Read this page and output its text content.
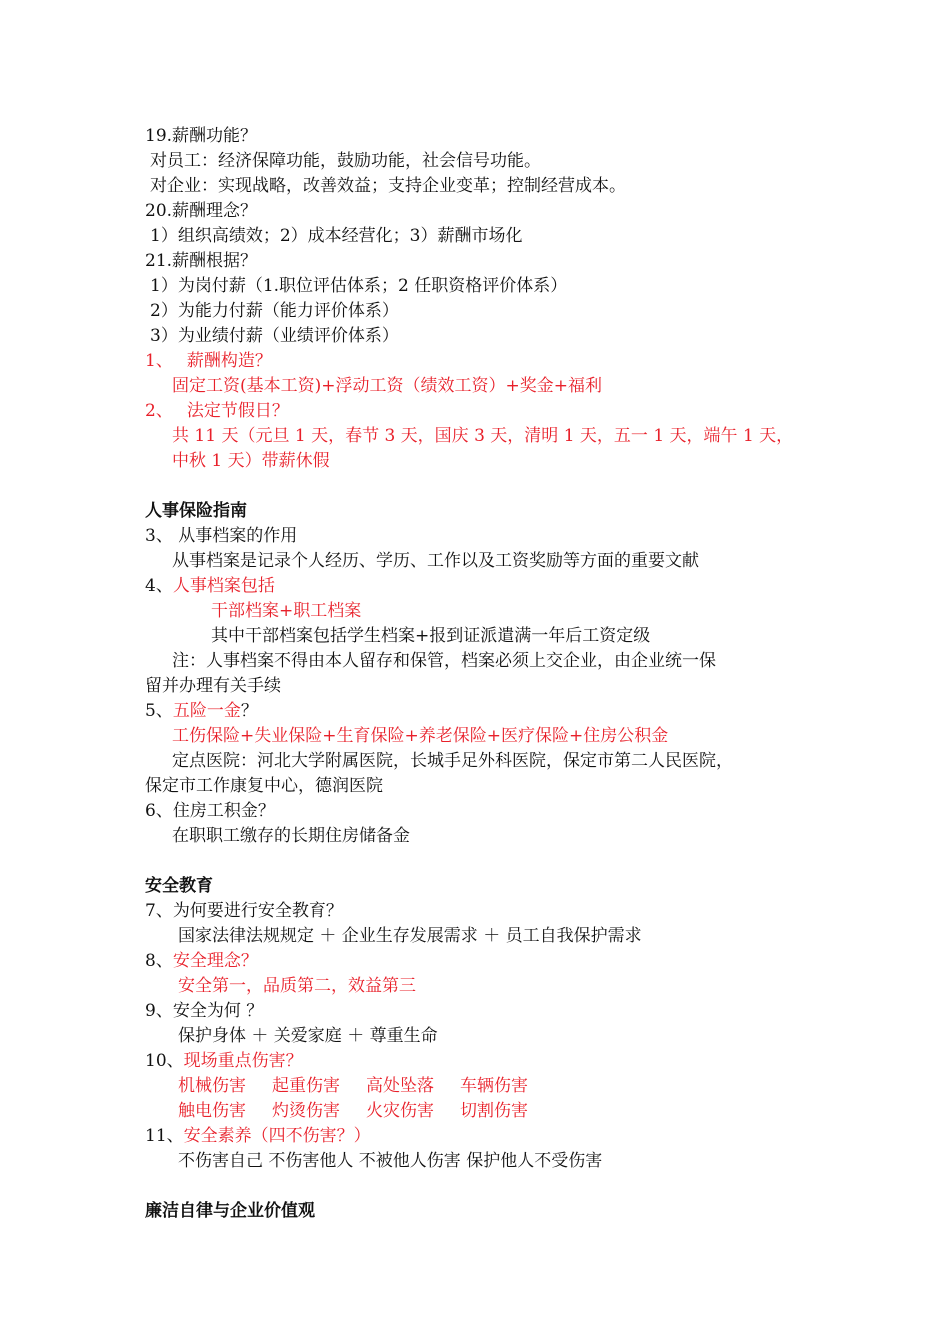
19.薪酬功能？
对员工：经济保障功能，鼓励功能，社会信号功能。
对企业：实现战略，改善效益；支持企业变革；控制经营成本。
20.薪酬理念？
1）组织高绩效；2）成本经营化；3）薪酬市场化
21.薪酬根据？
1）为岗付薪（1.职位评估体系；2 任职资格评价体系）
2）为能力付薪（能力评价体系）
3）为业绩付薪（业绩评价体系）
1、 薪酬构造？
固定工资(基本工资)+浮动工资（绩效工资）+奖金+福利
2、 法定节假日？
共 11 天（元旦 1 天，春节 3 天，国庆 3 天，清明 1 天，五一 1 天，端午 1 天，
中秋 1 天）带薪休假
人事保险指南
3、 从事档案的作用
从事档案是记录个人经历、学历、工作以及工资奖励等方面的重要文献
4、人事档案包括
干部档案+职工档案
其中干部档案包括学生档案+报到证派遣满一年后工资定级
注：人事档案不得由本人留存和保管，档案必须上交企业，由企业统一保
留并办理有关手续
5、五险一金？
工伤保险+失业保险+生育保险+养老保险+医疗保险+住房公积金
定点医院：河北大学附属医院，长城手足外科医院，保定市第二人民医院，
保定市工作康复中心，德润医院
6、住房工积金？
在职职工缴存的长期住房储备金
安全教育
7、为何要进行安全教育？
国家法律法规规定 ＋ 企业生存发展需求 ＋ 员工自我保护需求
8、安全理念？
安全第一，品质第二，效益第三
9、安全为何 ？
保护身体 ＋ 关爱家庭 ＋ 尊重生命
10、现场重点伤害？
机械伤害 起重伤害 高处坠落 车辆伤害
触电伤害 灼烫伤害 火灾伤害 切割伤害
11、安全素养（四不伤害？）
不伤害自己 不伤害他人 不被他人伤害 保护他人不受伤害
廉洁自律与企业价值观
